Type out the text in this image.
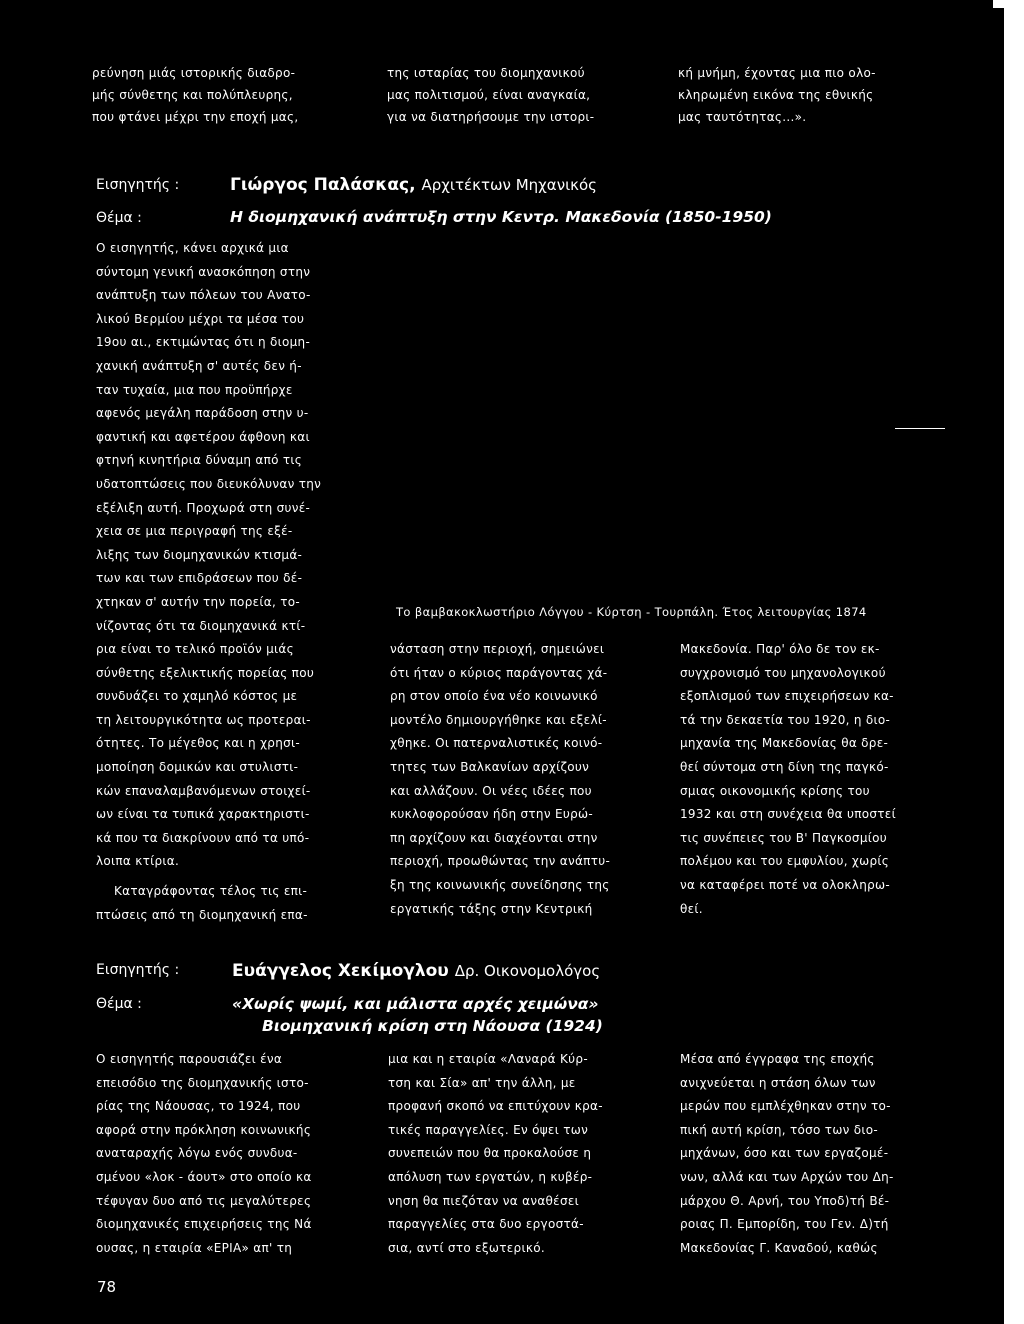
ρεύνηση μιάς ιστορικής διαδρο-

μής σύνθετης και πολύπλευρης,

που φτάνει μέχρι την εποχή μας,

της ισταρίας του διομηχανικού

μας πολιτισμού, είναι αναγκαία,

για να διατηρήσουμε την ιστορι-

κή μνήμη, έχοντας μια πιο ολο-

κληρωμένη εικόνα της εθνικής

μας ταυτότητας...».

Εισηγητής :	Γιώργος Παλάσκας, Αρχιτέκτων Μηχανικός
Θέμα :	Η διομηχανική ανάπτυξη στην Κεντρ. Μακεδονία (1850-1950)

Ο εισηγητής, κάνει αρχικά μια

σύντομη γενική ανασκόπηση στην

ανάπτυξη των πόλεων του Ανατο-

λικού Βερμίου μέχρι τα μέσα του

19ου αι., εκτιμώντας ότι η διομη-

χανική ανάπτυξη σ' αυτές δεν ή-

ταν τυχαία, μια που προϋπήρχε

αφενός μεγάλη παράδοση στην υ-

φαντική και αφετέρου άφθονη και

φτηνή κινητήρια δύναμη από τις

υδατοπτώσεις που διευκόλυναν την

εξέλιξη αυτή. Προχωρά στη συνέ-

χεια σε μια περιγραφή της εξέ-

λιξης των διομηχανικών κτισμά-

των και των επιδράσεων που δέ-

χτηκαν σ' αυτήν την πορεία, το-

νίζοντας ότι τα διομηχανικά κτί-

ρια είναι το τελικό προϊόν μιάς

σύνθετης εξελικτικής πορείας που

συνδυάζει το χαμηλό κόστος με

τη λειτουργικότητα ως προτεραι-

ότητες. Το μέγεθος και η χρησι-

μοποίηση δομικών και στυλιστι-

κών επαναλαμβανόμενων στοιχεί-

ων είναι τα τυπικά χαρακτηριστι-

κά που τα διακρίνουν από τα υπό-

λοιπα κτίρια.

Καταγράφοντας τέλος τις επι-

πτώσεις από τη διομηχανική επα-

Το βαμβακοκλωστήριο Λόγγου - Κύρτση - Τουρπάλη. Έτος λειτουργίας 1874

νάσταση στην περιοχή, σημειώνει

ότι ήταν ο κύριος παράγοντας χά-

ρη στον οποίο ένα νέο κοινωνικό

μοντέλο δημιουργήθηκε και εξελί-

χθηκε. Οι πατερναλιστικές κοινό-

τητες των Βαλκανίων αρχίζουν

και αλλάζουν. Οι νέες ιδέες που

κυκλοφορούσαν ήδη στην Ευρώ-

πη αρχίζουν και διαχέονται στην

περιοχή, προωθώντας την ανάπτυ-

ξη της κοινωνικής συνείδησης της

εργατικής τάξης στην Κεντρική

Μακεδονία. Παρ' όλο δε τον εκ-

συγχρονισμό του μηχανολογικού

εξοπλισμού των επιχειρήσεων κα-

τά την δεκαετία του 1920, η διο-

μηχανία της Μακεδονίας θα δρε-

θεί σύντομα στη δίνη της παγκό-

σμιας οικονομικής κρίσης του

1932 και στη συνέχεια θα υποστεί

τις συνέπειες του Β' Παγκοσμίου

πολέμου και του εμφυλίου, χωρίς

να καταφέρει ποτέ να ολοκληρω-

θεί.

Εισηγητής :	Ευάγγελος Χεκίμογλου Δρ. Οικονομολόγος
Θέμα :	«Χωρίς ψωμί, και μάλιστα αρχές χειμώνα»
Βιομηχανική κρίση στη Νάουσα (1924)

Ο εισηγητής παρουσιάζει ένα

επεισόδιο της διομηχανικής ιστο-

ρίας της Νάουσας, το 1924, που

αφορά στην πρόκληση κοινωνικής

αναταραχής λόγω ενός συνδυα-

σμένου «λοκ - άουτ» στο οποίο κα

τέφυγαν δυο από τις μεγαλύτερες

διομηχανικές επιχειρήσεις της Νά

ουσας, η εταιρία «ΕΡΙΑ» απ' τη

μια και η εταιρία «Λαναρά Κύρ-

τση και Σία» απ' την άλλη, με

προφανή σκοπό να επιτύχουν κρα-

τικές παραγγελίες. Εν όψει των

συνεπειών που θα προκαλούσε η

απόλυση των εργατών, η κυβέρ-

νηση θα πιεζόταν να αναθέσει

παραγγελίες στα δυο εργοστά-

σια, αντί στο εξωτερικό.

Μέσα από έγγραφα της εποχής

ανιχνεύεται η στάση όλων των

μερών που εμπλέχθηκαν στην το-

πική αυτή κρίση, τόσο των διο-

μηχάνων, όσο και των εργαζομέ-

νων, αλλά και των Αρχών του Δη-

μάρχου Θ. Αρνή, του Υποδ)τή Βέ-

ροιας Π. Εμπορίδη, του Γεν. Δ)τή

Μακεδονίας Γ. Καναδού, καθώς

78
